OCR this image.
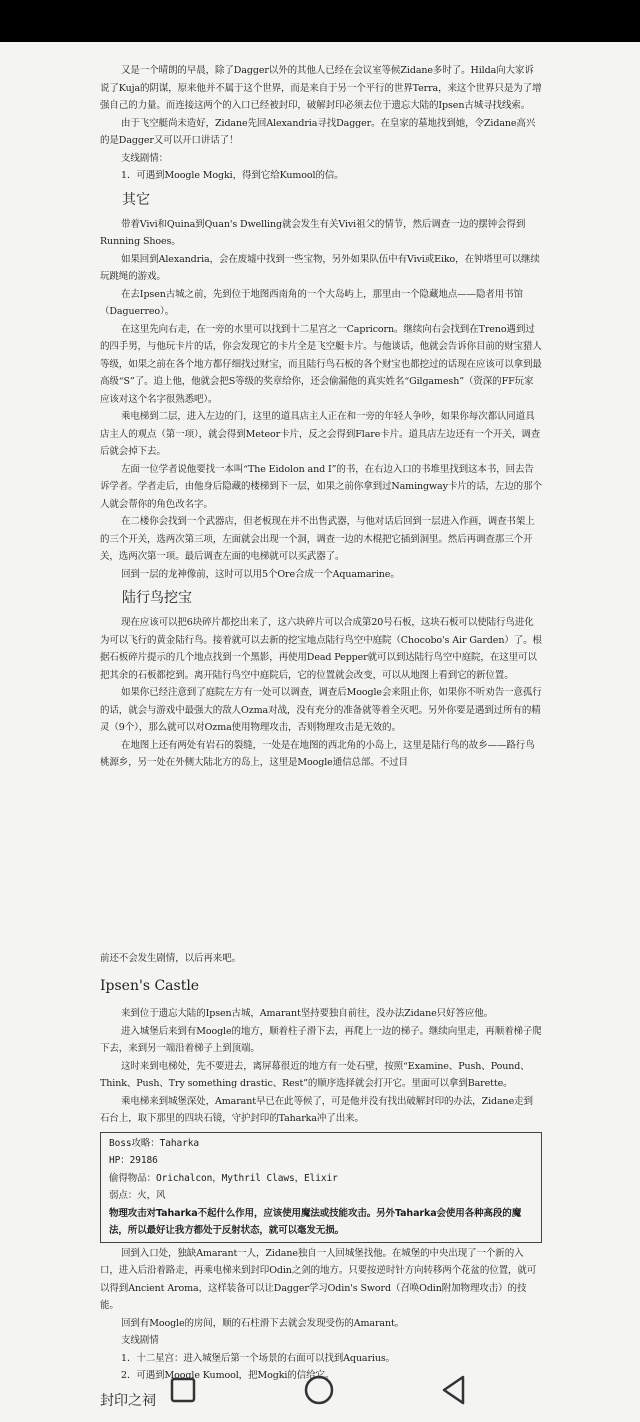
又是一个晴朗的早晨，除了Dagger以外的其他人已经在会议室等候Zidane多时了。Hilda向大家诉说了Kuja的阴谋，原来他并不属于这个世界，而是来自于另一个平行的世界Terra，来这个世界只是为了增强自己的力量。而连接这两个的入口已经被封印，破解封印必须去位于遗忘大陆的Ipsen古城寻找线索。

由于飞空艇尚未造好，Zidane先回Alexandria寻找Dagger。在皇家的墓地找到她，令Zidane高兴的是Dagger又可以开口讲话了！

支线剧情：

1．可遇到Moogle Mogki，得到它给Kumool的信。

其它

带着Vivi和Quina到Quan's Dwelling就会发生有关Vivi祖父的情节，然后调查一边的摆钟会得到Running Shoes。

如果回到Alexandria，会在废墟中找到一些宝物，另外如果队伍中有Vivi或Eiko，在钟塔里可以继续玩跳绳的游戏。

在去Ipsen古城之前，先到位于地图西南角的一个大岛屿上，那里由一个隐藏地点——隐者用书馆（Daguerreo）。

在这里先向右走，在一旁的水里可以找到十二星宫之一Capricorn。继续向右会找到在Treno遇到过的四手男，与他玩卡片的话，你会发现它的卡片全是飞空艇卡片。与他谈话，他就会告诉你目前的财宝猎人等级，如果之前在各个地方都仔细找过财宝，而且陆行鸟石板的各个财宝也都挖过的话现在应该可以拿到最高级“S”了。追上他，他就会把S等级的奖章给你，还会偷漏他的真实姓名“Gilgamesh”（资深的FF玩家应该对这个名字很熟悉吧）。

乘电梯到二层，进入左边的门，这里的道具店主人正在和一旁的年轻人争吵，如果你每次都认同道具店主人的观点（第一项），就会得到Meteor卡片，反之会得到Flare卡片。道具店左边还有一个开关，调查后就会掉下去。

左面一位学者说他要找一本叫“The Eidolon and I”的书，在右边入口的书堆里找到这本书，回去告诉学者。学者走后，由他身后隐藏的楼梯到下一层，如果之前你拿到过Namingway卡片的话，左边的那个人就会帮你的角色改名字。

在二楼你会找到一个武器店，但老板现在并不出售武器，与他对话后回到一层进入作画，调查书架上的三个开关，选两次第三项，左面就会出现一个洞，调查一边的木棍把它插到洞里。然后再调查那三个开关，选两次第一项。最后调查左面的电梯就可以买武器了。

回到一层的龙神像前，这时可以用5个Ore合成一个Aquamarine。

陆行鸟挖宝

现在应该可以把6块碎片都挖出来了，这六块碎片可以合成第20号石板，这块石板可以使陆行鸟进化为可以飞行的黄金陆行鸟。接着就可以去新的挖宝地点陆行鸟空中庭院（Chocobo's Air Garden）了。根据石板碎片提示的几个地点找到一个黑影，再使用Dead Pepper就可以到达陆行鸟空中庭院，在这里可以把其余的石板都挖到。离开陆行鸟空中庭院后，它的位置就会改变，可以从地图上看到它的新位置。

如果你已经注意到了庭院左方有一处可以调查，调查后Moogle会来阻止你，如果你不听劝告一意孤行的话，就会与游戏中最强大的敌人Ozma对战，没有充分的准备就等着全灭吧。另外你要是遇到过所有的精灵（9个），那么就可以对Ozma使用物理攻击，否则物理攻击是无效的。

在地图上还有两处有岩石的裂缝，一处是在地图的西北角的小岛上，这里是陆行鸟的故乡——路行鸟桃源乡，另一处在外侧大陆北方的岛上，这里是Moogle通信总部。不过目

前还不会发生剧情，以后再来吧。

Ipsen's Castle

来到位于遗忘大陆的Ipsen古城，Amarant坚持要独自前往，没办法Zidane只好答应他。

进入城堡后来到有Moogle的地方，顺着柱子滑下去，再爬上一边的梯子。继续向里走，再顺着梯子爬下去，来到另一端沿着梯子上到顶端。

这时来到电梯处，先不要进去，离屏幕很近的地方有一处石壁，按照“Examine、Push、Pound、Think、Push、Try something drastic、Rest”的顺序选择就会打开它。里面可以拿到Barette。

乘电梯来到城堡深处，Amarant早已在此等候了，可是他并没有找出破解封印的办法，Zidane走到石台上，取下那里的四块石镜，守护封印的Taharka冲了出来。

Boss攻略：Taharka

HP：29186

偷得物品：Orichalcon，Mythril Claws，Elixir

弱点：火，风

物理攻击对Taharka不起什么作用，应该使用魔法或技能攻击。另外Taharka会使用各种高段的魔法，所以最好让我方都处于反射状态，就可以毫发无损。

回到入口处，独缺Amarant一人，Zidane独自一人回城堡找他。在城堡的中央出现了一个新的入口，进入后沿着路走，再乘电梯来到封印Odin之剑的地方。只要按逆时针方向转移两个花盆的位置，就可以得到Ancient Aroma，这样装备可以让Dagger学习Odin's Sword（召唤Odin附加物理攻击）的技能。

回到有Moogle的房间，顺的石柱滑下去就会发现受伤的Amarant。

支线剧情

1．十二星宫：进入城堡后第一个场景的右面可以找到Aquarius。

2．可遇到Moogle Kumool，把Mogki的信给它。

封印之祠
